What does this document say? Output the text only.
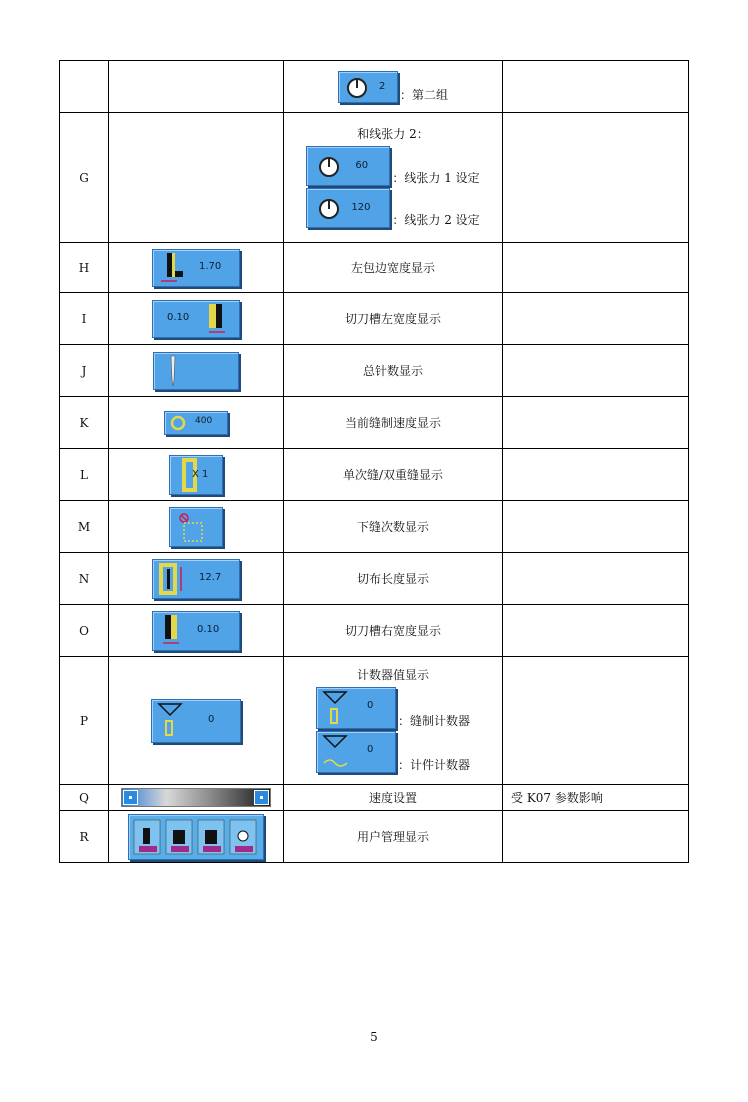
		2
：第二组	

G		和线张力 2：
60
：线张力 1 设定
120
：线张力 2 设定	

H	1.70	左包边宽度显示	
I	0.10	切刀槽左宽度显示	
J		总针数显示	
K	400	当前缝制速度显示	
L	X 1	单次缝/双重缝显示	
M		下缝次数显示	
N	12.7	切布长度显示	
O	0.10	切刀槽右宽度显示	
P	0	计数器值显示
0
：缝制计数器
0
：计件计数器	

Q		速度设置	受 K07 参数影响
R		用户管理显示	
5
